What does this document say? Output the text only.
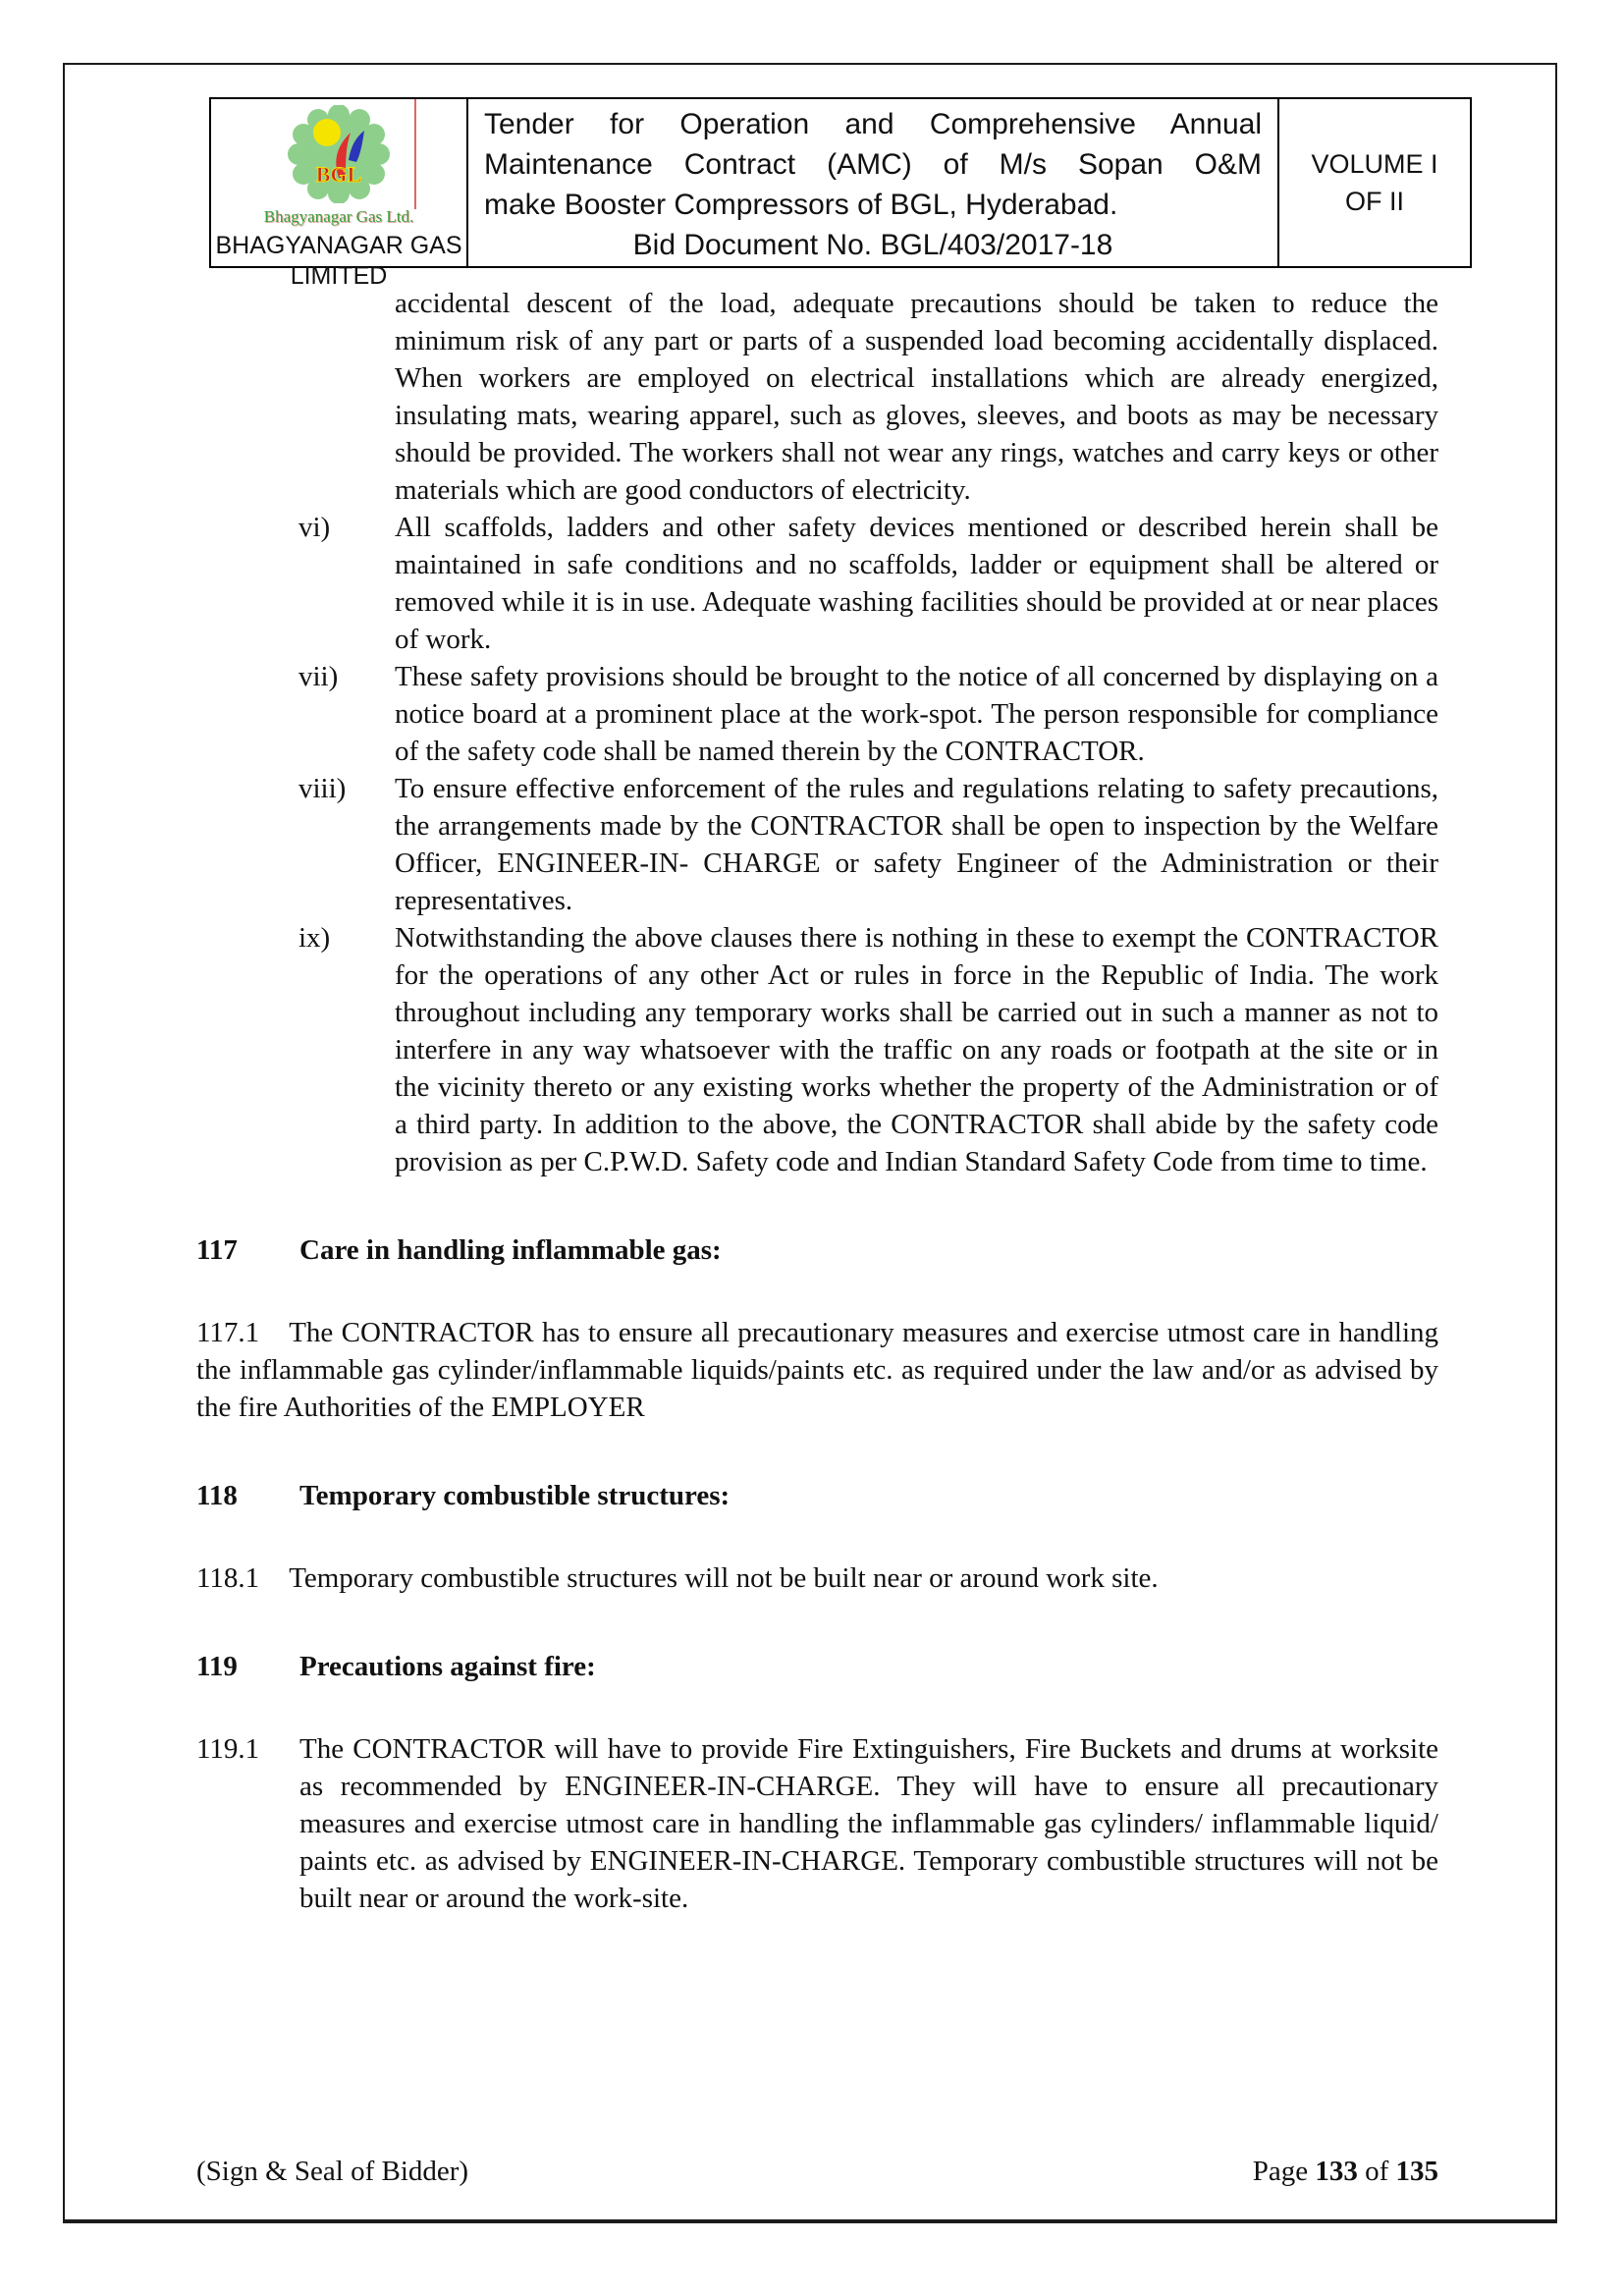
BGL
Bhagyanagar Gas Ltd.
BHAGYANAGAR GAS
LIMITED
Tender for Operation and Comprehensive Annual
Maintenance Contract (AMC) of M/s Sopan O&M
make Booster Compressors of BGL, Hyderabad.
Bid Document No. BGL/403/2017-18
VOLUME I
OF II

accidental descent of the load, adequate precautions should be taken to reduce the minimum risk of any part or parts of a suspended load becoming accidentally displaced. When workers are employed on electrical installations which are already energized, insulating mats, wearing apparel, such as gloves, sleeves, and boots as may be necessary should be provided. The workers shall not wear any rings, watches and carry keys or other materials which are good conductors of electricity.

vi)	All scaffolds, ladders and other safety devices mentioned or described herein shall be maintained in safe conditions and no scaffolds, ladder or equipment shall be altered or removed while it is in use. Adequate washing facilities should be provided at or near places of work.
vii)	These safety provisions should be brought to the notice of all concerned by displaying on a notice board at a prominent place at the work-spot. The person responsible for compliance of the safety code shall be named therein by the CONTRACTOR.
viii)	To ensure effective enforcement of the rules and regulations relating to safety precautions, the arrangements made by the CONTRACTOR shall be open to inspection by the Welfare Officer, ENGINEER-IN- CHARGE or safety Engineer of the Administration or their representatives.
ix)	Notwithstanding the above clauses there is nothing in these to exempt the CONTRACTOR for the operations of any other Act or rules in force in the Republic of India. The work throughout including any temporary works shall be carried out in such a manner as not to interfere in any way whatsoever with the traffic on any roads or footpath at the site or in the vicinity thereto or any existing works whether the property of the Administration or of a third party. In addition to the above, the CONTRACTOR shall abide by the safety code provision as per C.P.W.D. Safety code and Indian Standard Safety Code from time to time.
117	Care in handling inflammable gas:

117.1 The CONTRACTOR has to ensure all precautionary measures and exercise utmost care in handling the inflammable gas cylinder/inflammable liquids/paints etc. as required under the law and/or as advised by the fire Authorities of the EMPLOYER

118	Temporary combustible structures:

118.1 Temporary combustible structures will not be built near or around work site.

119	Precautions against fire:
119.1	The CONTRACTOR will have to provide Fire Extinguishers, Fire Buckets and drums at worksite as recommended by ENGINEER-IN-CHARGE. They will have to ensure all precautionary measures and exercise utmost care in handling the inflammable gas cylinders/ inflammable liquid/ paints etc. as advised by ENGINEER-IN-CHARGE. Temporary combustible structures will not be built near or around the work-site.
(Sign & Seal of Bidder)	Page 133 of 135
